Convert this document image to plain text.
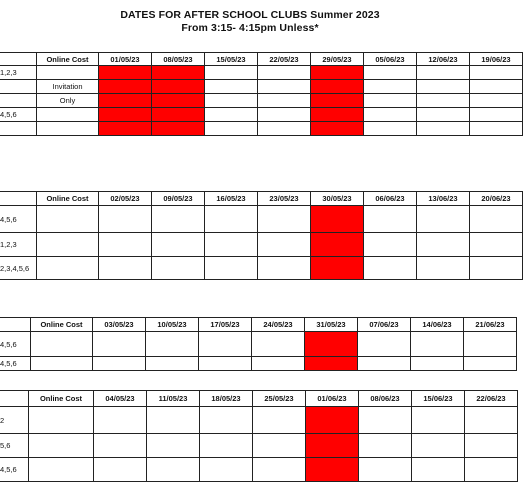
DATES FOR AFTER SCHOOL CLUBS Summer 2023
From 3:15- 4:15pm Unless*
	Online Cost	01/05/23	08/05/23	15/05/23	22/05/23	29/05/23	05/06/23	12/06/23	19/06/23
1,2,3									
	Invitation								
	Only								
4,5,6									

	Online Cost	02/05/23	09/05/23	16/05/23	23/05/23	30/05/23	06/06/23	13/06/23	20/06/23
4,5,6									
1,2,3									
2,3,4,5,6									
	Online Cost	03/05/23	10/05/23	17/05/23	24/05/23	31/05/23	07/06/23	14/06/23	21/06/23
4,5,6									
4,5,6									
	Online Cost	04/05/23	11/05/23	18/05/23	25/05/23	01/06/23	08/06/23	15/06/23	22/06/23
2									
5,6									
4,5,6									
